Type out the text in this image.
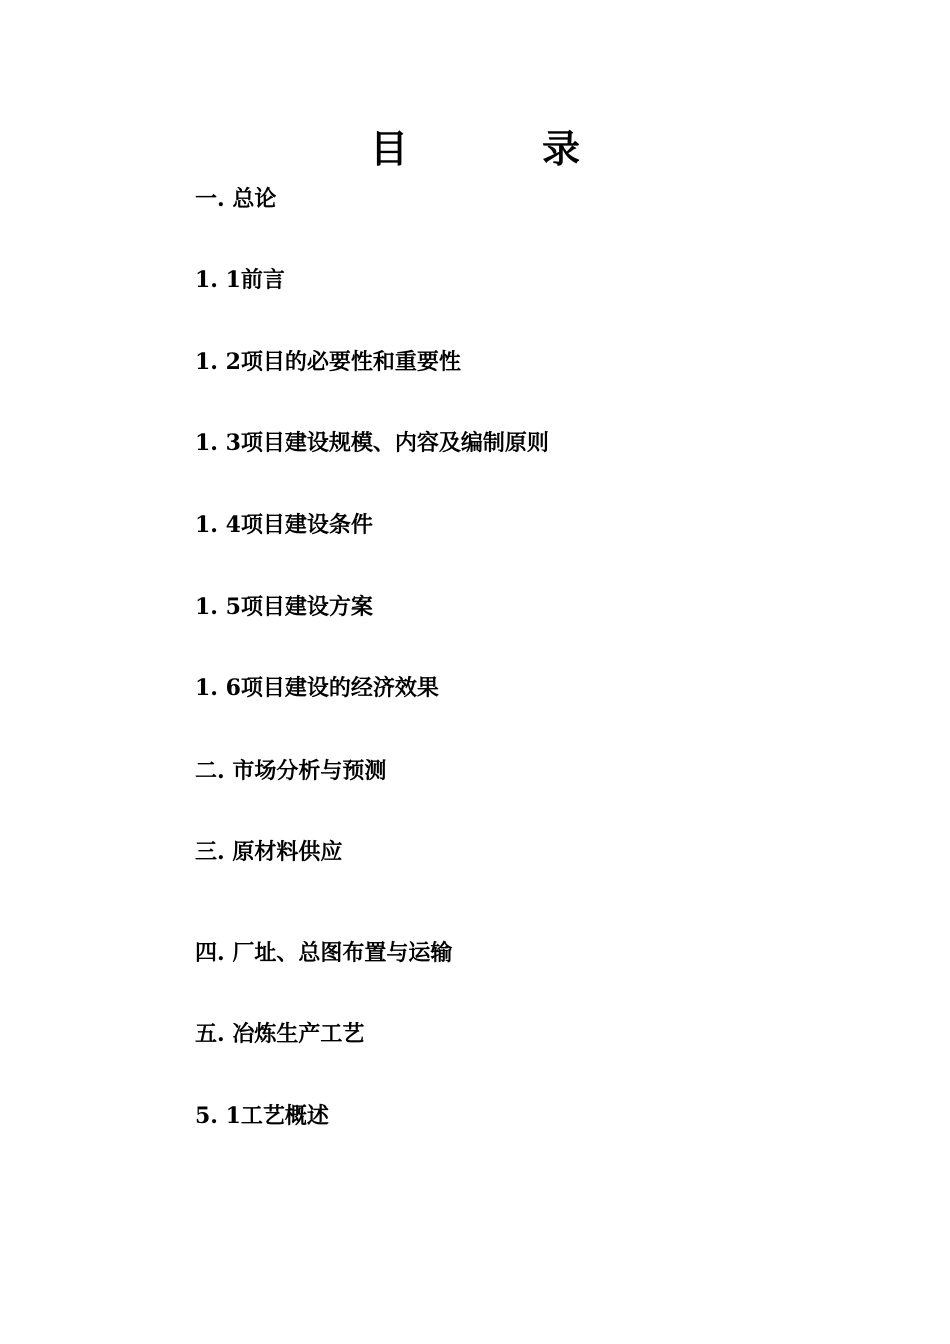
目　录
一. 总论
1. 1前言
1. 2项目的必要性和重要性
1. 3项目建设规模、内容及编制原则
1. 4项目建设条件
1. 5项目建设方案
1. 6项目建设的经济效果
二. 市场分析与预测
三. 原材料供应
四. 厂址、总图布置与运输
五. 冶炼生产工艺
5. 1工艺概述
